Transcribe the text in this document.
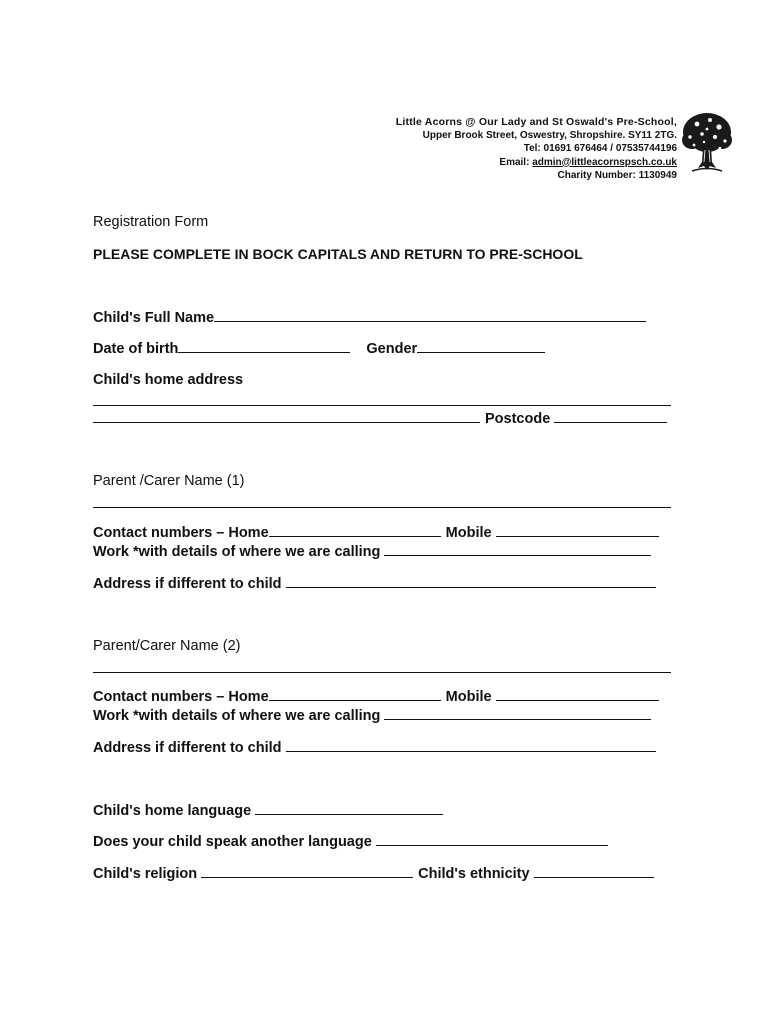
Little Acorns @ Our Lady and St Oswald's Pre-School,
Upper Brook Street, Oswestry, Shropshire. SY11 2TG.
Tel: 01691 676464 / 07535744196
Email: admin@littleacornspsch.co.uk
Charity Number: 1130949
Registration Form
PLEASE COMPLETE IN BOCK CAPITALS AND RETURN TO PRE-SCHOOL
Child's Full Name
Date of birth	Gender
Child's home address
Postcode
Parent /Carer Name (1)
Contact numbers – Home	Mobile
Work *with details of where we are calling
Address if different to child
Parent/Carer Name (2)
Contact numbers – Home	Mobile
Work *with details of where we are calling
Address if different to child
Child's home language
Does your child speak another language
Child's religion	Child's ethnicity
